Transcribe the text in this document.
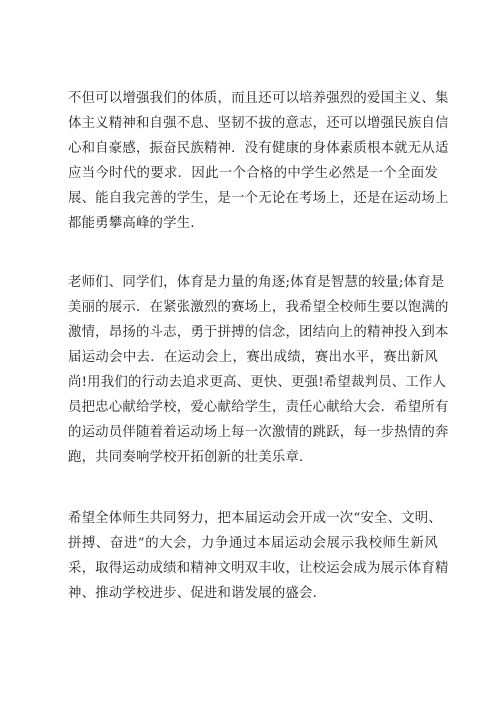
不但可以增强我们的体质，而且还可以培养强烈的爱国主义、集
体主义精神和自强不息、坚韧不拔的意志，还可以增强民族自信
心和自豪感，振奋民族精神．没有健康的身体素质根本就无从适
应当今时代的要求．因此一个合格的中学生必然是一个全面发
展、能自我完善的学生，是一个无论在考场上，还是在运动场上
都能勇攀高峰的学生．
老师们、同学们，体育是力量的角逐;体育是智慧的较量;体育是
美丽的展示．在紧张激烈的赛场上，我希望全校师生要以饱满的
激情，昂扬的斗志，勇于拼搏的信念，团结向上的精神投入到本
届运动会中去．在运动会上，赛出成绩，赛出水平，赛出新风
尚!用我们的行动去追求更高、更快、更强!希望裁判员、工作人
员把忠心献给学校，爱心献给学生，责任心献给大会．希望所有
的运动员伴随着着运动场上每一次激情的跳跃，每一步热情的奔
跑，共同奏响学校开拓创新的壮美乐章．
希望全体师生共同努力，把本届运动会开成一次“安全、文明、
拼搏、奋进”的大会，力争通过本届运动会展示我校师生新风
采，取得运动成绩和精神文明双丰收，让校运会成为展示体育精
神、推动学校进步、促进和谐发展的盛会．
